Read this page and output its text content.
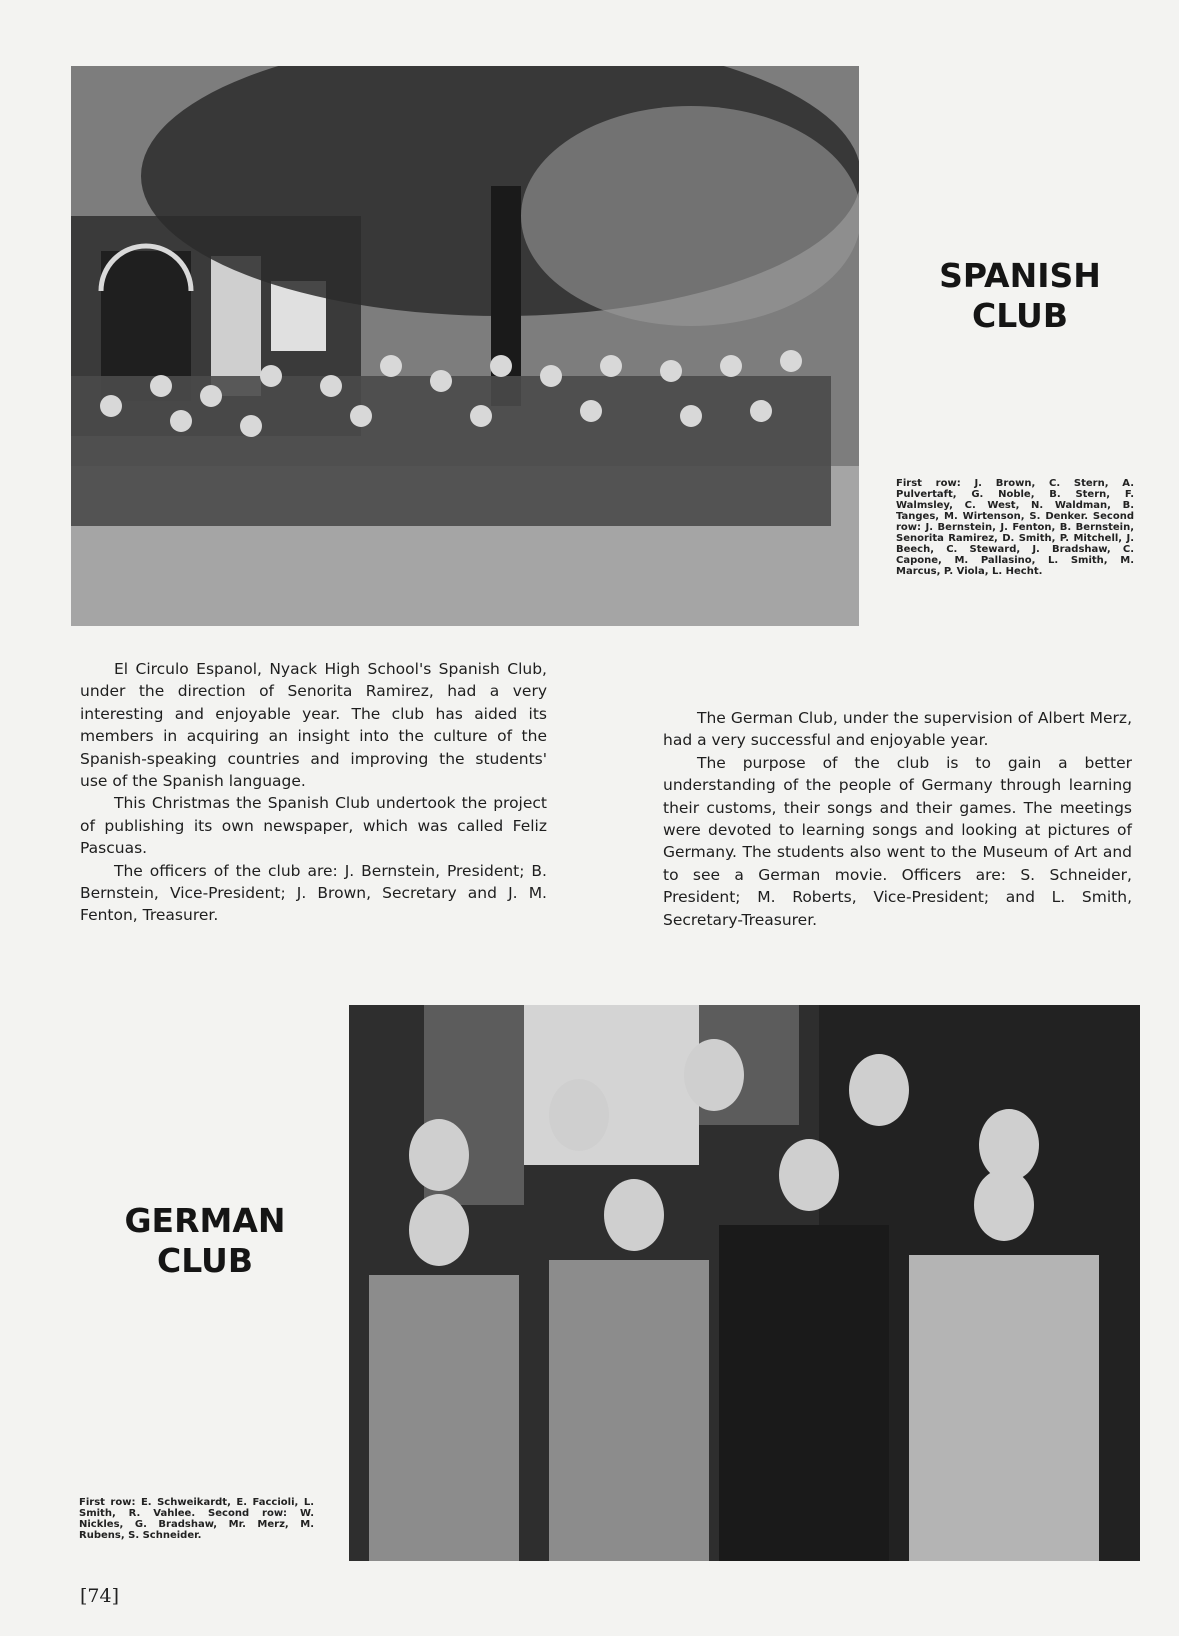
SPANISH
CLUB
First row: J. Brown, C. Stern, A. Pulvertaft, G. Noble, B. Stern, F. Walmsley, C. West, N. Waldman, B. Tanges, M. Wirtenson, S. Denker. Second row: J. Bernstein, J. Fenton, B. Bernstein, Senorita Ramirez, D. Smith, P. Mitchell, J. Beech, C. Steward, J. Bradshaw, C. Capone, M. Pallasino, L. Smith, M. Marcus, P. Viola, L. Hecht.

El Circulo Espanol, Nyack High School's Spanish Club, under the direction of Senorita Ramirez, had a very interesting and enjoyable year. The club has aided its members in acquiring an insight into the culture of the Spanish-speaking countries and improving the students' use of the Spanish language.

This Christmas the Spanish Club undertook the project of publishing its own newspaper, which was called Feliz Pascuas.

The officers of the club are: J. Bernstein, President; B. Bernstein, Vice-President; J. Brown, Secretary and J. M. Fenton, Treasurer.

The German Club, under the supervision of Albert Merz, had a very successful and enjoyable year.

The purpose of the club is to gain a better understanding of the people of Germany through learning their customs, their songs and their games. The meetings were devoted to learning songs and looking at pictures of Germany. The students also went to the Museum of Art and to see a German movie. Officers are: S. Schneider, President; M. Roberts, Vice-President; and L. Smith, Secretary-Treasurer.

GERMAN
CLUB
First row: E. Schweikardt, E. Faccioli, L. Smith, R. Vahlee. Second row: W. Nickles, G. Bradshaw, Mr. Merz, M. Rubens, S. Schneider.
[74]
